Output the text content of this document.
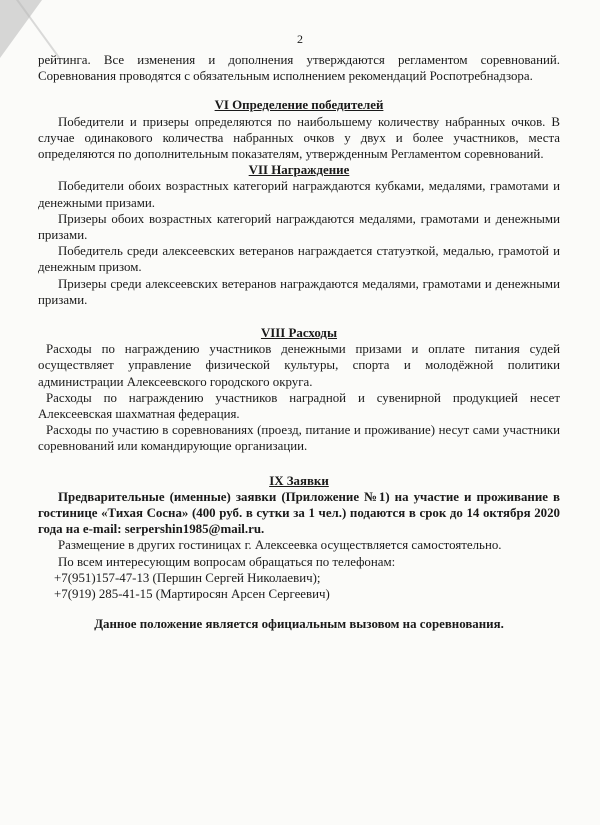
2

рейтинга. Все изменения и дополнения утверждаются регламентом соревнований. Соревнования проводятся с обязательным исполнением рекомендаций Роспотребнадзора.

VI Определение победителей

Победители и призеры определяются по наибольшему количеству набранных очков. В случае одинакового количества набранных очков у двух и более участников, места определяются по дополнительным показателям, утвержденным Регламентом соревнований.

VII Награждение

Победители обоих возрастных категорий награждаются кубками, медалями, грамотами и денежными призами.

Призеры обоих возрастных категорий награждаются медалями, грамотами и денежными призами.

Победитель среди алексеевских ветеранов награждается статуэткой, медалью, грамотой и денежным призом.

Призеры среди алексеевских ветеранов награждаются медалями, грамотами и денежными призами.

VIII Расходы

Расходы по награждению участников денежными призами и оплате питания судей осуществляет управление физической культуры, спорта и молодёжной политики администрации Алексеевского городского округа.

Расходы по награждению участников наградной и сувенирной продукцией несет Алексеевская шахматная федерация.

Расходы по участию в соревнованиях (проезд, питание и проживание) несут сами участники соревнований или командирующие организации.

IX Заявки

Предварительные (именные) заявки (Приложение №1) на участие и проживание в гостинице «Тихая Сосна» (400 руб. в сутки за 1 чел.) подаются в срок до 14 октября 2020 года на e-mail: serpershin1985@mail.ru.

Размещение в других гостиницах г. Алексеевка осуществляется самостоятельно.

По всем интересующим вопросам обращаться по телефонам:

+7(951)157-47-13 (Першин Сергей Николаевич);

+7(919) 285-41-15 (Мартиросян Арсен Сергеевич)

Данное положение является официальным вызовом на соревнования.
